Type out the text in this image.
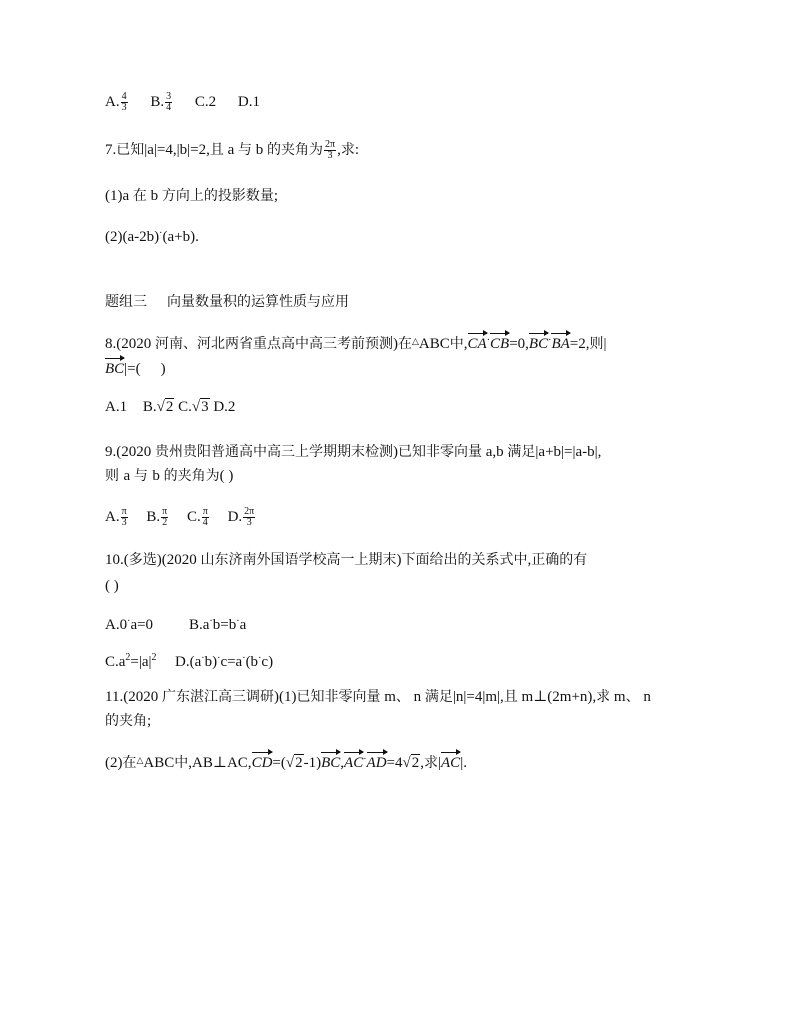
A. $\frac{4}{3} B$. $\frac{3}{4} C.2$ D.1
7.已知|a|=4,|b|=2,且 a 与 b 的夹角为 $\frac{2\pi}{3}$ ,求:
(1)a 在 b 方向上的投影数量;
(2)(a-2b)·(a+b).
题组三 向量数量积的运算性质与应用
8.(2020 河南、河北两省重点高中高三考前预测)在△ABC中,CA·CB=0,BC·BA=2,则|
BC|=( )
A.1 B.√2 C.√3 D.2
9.(2020 贵州贵阳普通高中高三上学期期末检测)已知非零向量 a,b 满足|a+b|=|a-b|,
则 a 与 b 的夹角为( )
A. $\frac{\pi}{3} B$. $\frac{\pi}{2} C$. $\frac{\pi}{4} D$. $\frac{2\pi}{3}$
10.(多选)(2020 山东济南外国语学校高一上期末)下面给出的关系式中,正确的有
( )
A.0·a=0 B.a·b=b·a
$C.a^2=|a|^2$ D.(a·b)·c=a·(b·c)
11.(2020 广东湛江高三调研)(1)已知非零向量 m、 n 满足|n|=4|m|,且 m⊥(2m+n),求 m、 n
的夹角;
(2)在△ABC中,AB⊥AC,CD=(√2-1)BC,AC·AD=4√2,求|AC|.
